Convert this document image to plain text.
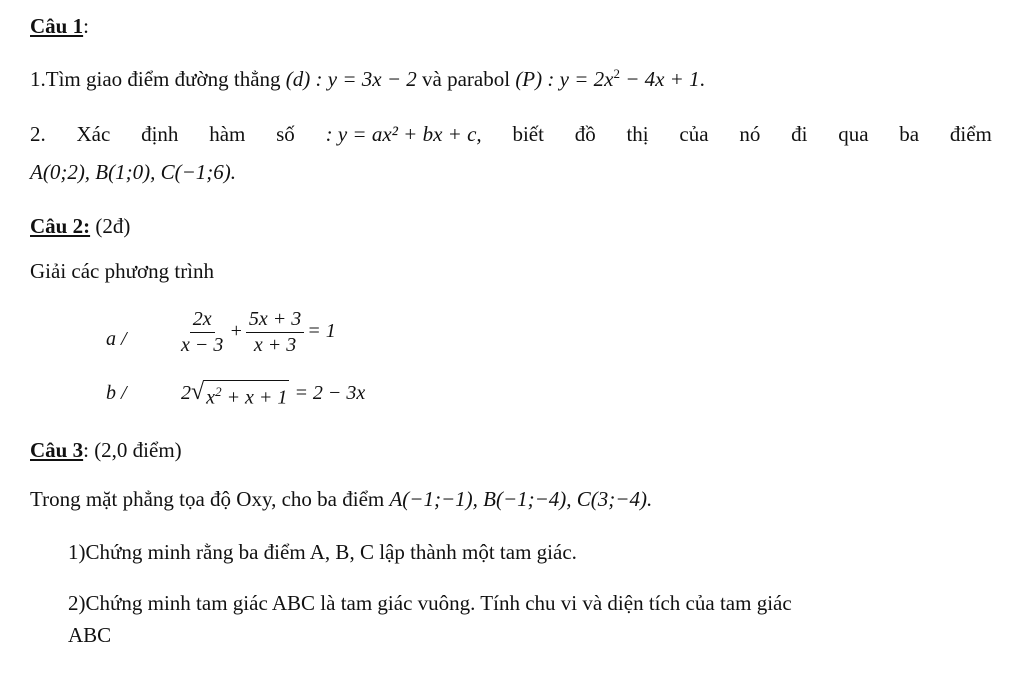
Câu 1:
1.Tìm giao điểm đường thẳng (d) : y = 3x − 2 và parabol (P) : $y = 2x^2 - 4x + 1$.
2. Xác định hàm số : y = ax² + bx + c, biết đồ thị của nó đi qua ba điểm
A(0;2), B(1;0), C(−1;6).
Câu 2: (2đ)
Giải các phương trình
a /	$\frac{2x}{x - 3} + \frac{5x + 3}{x + 3} = 1$
b /	2 √ $x^2 + x + 1 = 2 - 3x$
Câu 3: (2,0 điểm)
Trong mặt phẳng tọa độ Oxy, cho ba điểm A(−1;−1), B(−1;−4), C(3;−4).
1)Chứng minh rằng ba điểm A, B, C lập thành một tam giác.
2)Chứng minh tam giác ABC là tam giác vuông. Tính chu vi và diện tích của tam giác
ABC
